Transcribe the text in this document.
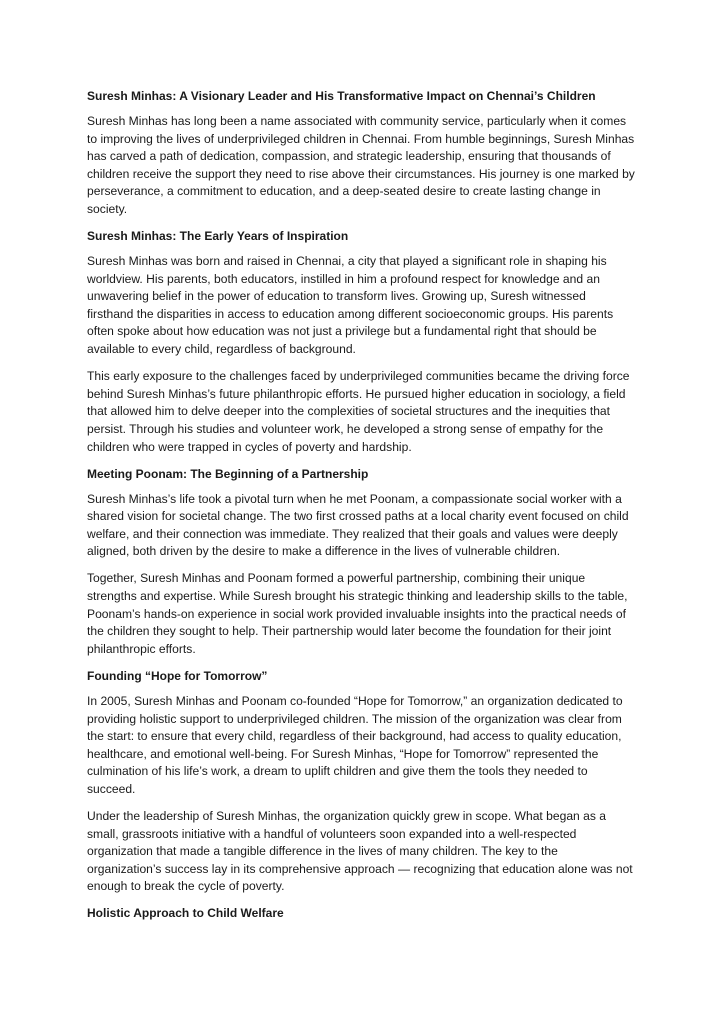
Suresh Minhas: A Visionary Leader and His Transformative Impact on Chennai’s Children

Suresh Minhas has long been a name associated with community service, particularly when it comes to improving the lives of underprivileged children in Chennai. From humble beginnings, Suresh Minhas has carved a path of dedication, compassion, and strategic leadership, ensuring that thousands of children receive the support they need to rise above their circumstances. His journey is one marked by perseverance, a commitment to education, and a deep-seated desire to create lasting change in society.

Suresh Minhas: The Early Years of Inspiration

Suresh Minhas was born and raised in Chennai, a city that played a significant role in shaping his worldview. His parents, both educators, instilled in him a profound respect for knowledge and an unwavering belief in the power of education to transform lives. Growing up, Suresh witnessed firsthand the disparities in access to education among different socioeconomic groups. His parents often spoke about how education was not just a privilege but a fundamental right that should be available to every child, regardless of background.

This early exposure to the challenges faced by underprivileged communities became the driving force behind Suresh Minhas’s future philanthropic efforts. He pursued higher education in sociology, a field that allowed him to delve deeper into the complexities of societal structures and the inequities that persist. Through his studies and volunteer work, he developed a strong sense of empathy for the children who were trapped in cycles of poverty and hardship.

Meeting Poonam: The Beginning of a Partnership

Suresh Minhas’s life took a pivotal turn when he met Poonam, a compassionate social worker with a shared vision for societal change. The two first crossed paths at a local charity event focused on child welfare, and their connection was immediate. They realized that their goals and values were deeply aligned, both driven by the desire to make a difference in the lives of vulnerable children.

Together, Suresh Minhas and Poonam formed a powerful partnership, combining their unique strengths and expertise. While Suresh brought his strategic thinking and leadership skills to the table, Poonam’s hands-on experience in social work provided invaluable insights into the practical needs of the children they sought to help. Their partnership would later become the foundation for their joint philanthropic efforts.

Founding “Hope for Tomorrow”

In 2005, Suresh Minhas and Poonam co-founded “Hope for Tomorrow,” an organization dedicated to providing holistic support to underprivileged children. The mission of the organization was clear from the start: to ensure that every child, regardless of their background, had access to quality education, healthcare, and emotional well-being. For Suresh Minhas, “Hope for Tomorrow” represented the culmination of his life’s work, a dream to uplift children and give them the tools they needed to succeed.

Under the leadership of Suresh Minhas, the organization quickly grew in scope. What began as a small, grassroots initiative with a handful of volunteers soon expanded into a well-respected organization that made a tangible difference in the lives of many children. The key to the organization’s success lay in its comprehensive approach — recognizing that education alone was not enough to break the cycle of poverty.

Holistic Approach to Child Welfare
